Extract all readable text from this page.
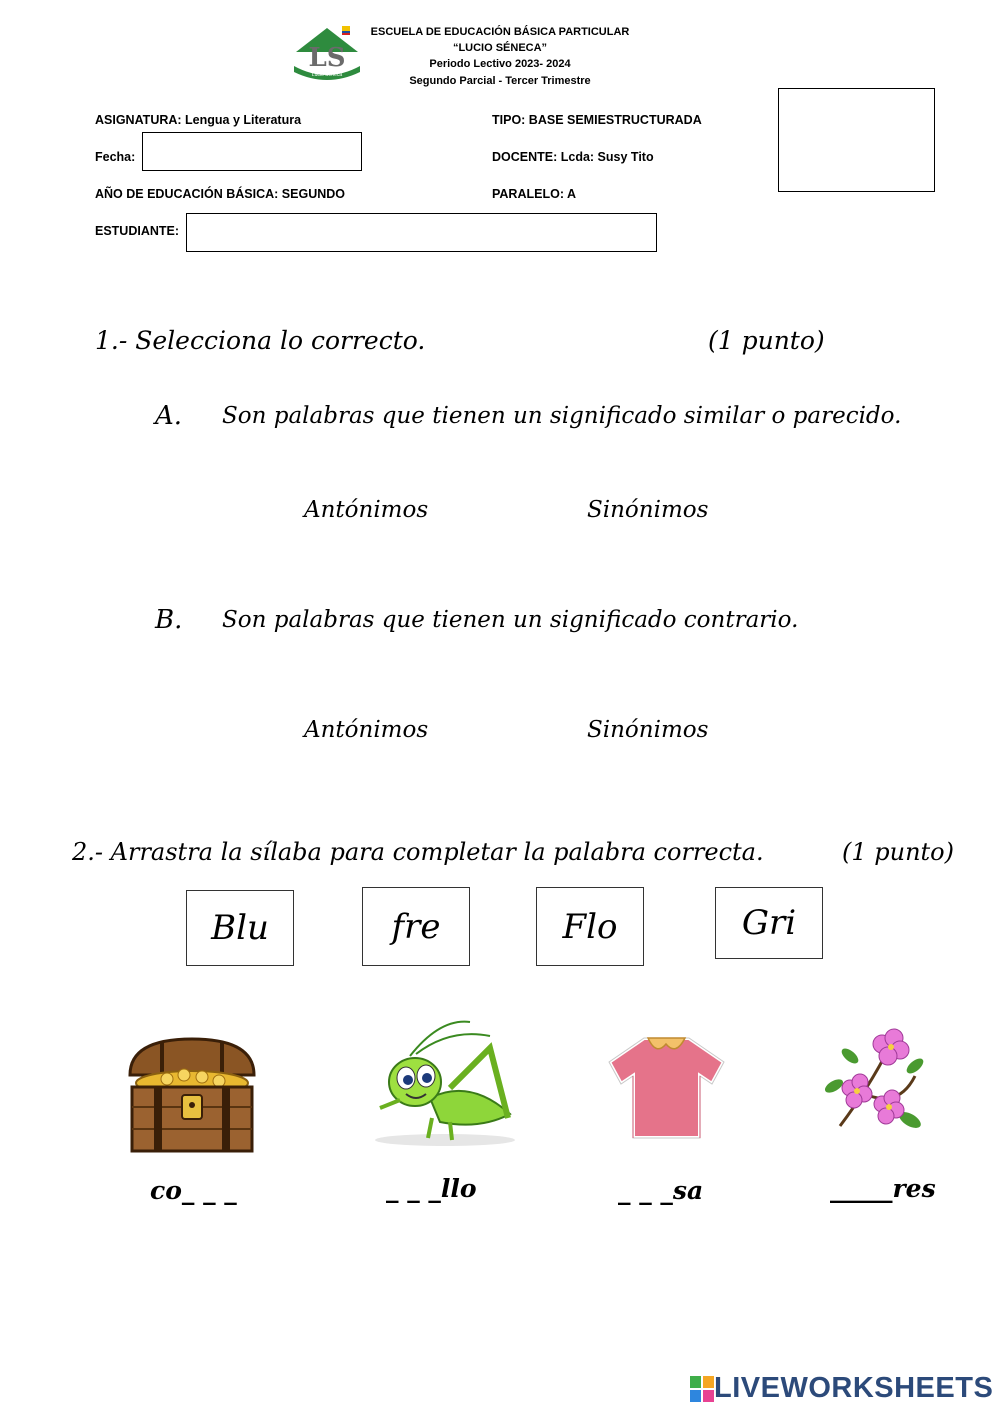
LS
Lucio Séneca
ESCUELA DE EDUCACIÓN BÁSICA PARTICULAR
“LUCIO SÉNECA”
Periodo Lectivo 2023- 2024
Segundo Parcial - Tercer Trimestre
ASIGNATURA: Lengua y Literatura	TIPO: BASE SEMIESTRUCTURADA
Fecha:	DOCENTE: Lcda: Susy Tito
AÑO DE EDUCACIÓN BÁSICA: SEGUNDO	PARALELO: A
ESTUDIANTE:
1.- Selecciona lo correcto.	(1 punto)
A. Son palabras que tienen un significado similar o parecido.
Antónimos	Sinónimos
B. Son palabras que tienen un significado contrario.
Antónimos	Sinónimos
2.- Arrastra la sílaba para completar la palabra correcta.	(1 punto)
Blu	fre	Flo	Gri
co_ _ _	_ _ _llo	_ _ _sa	_____res
LIVEWORKSHEETS
